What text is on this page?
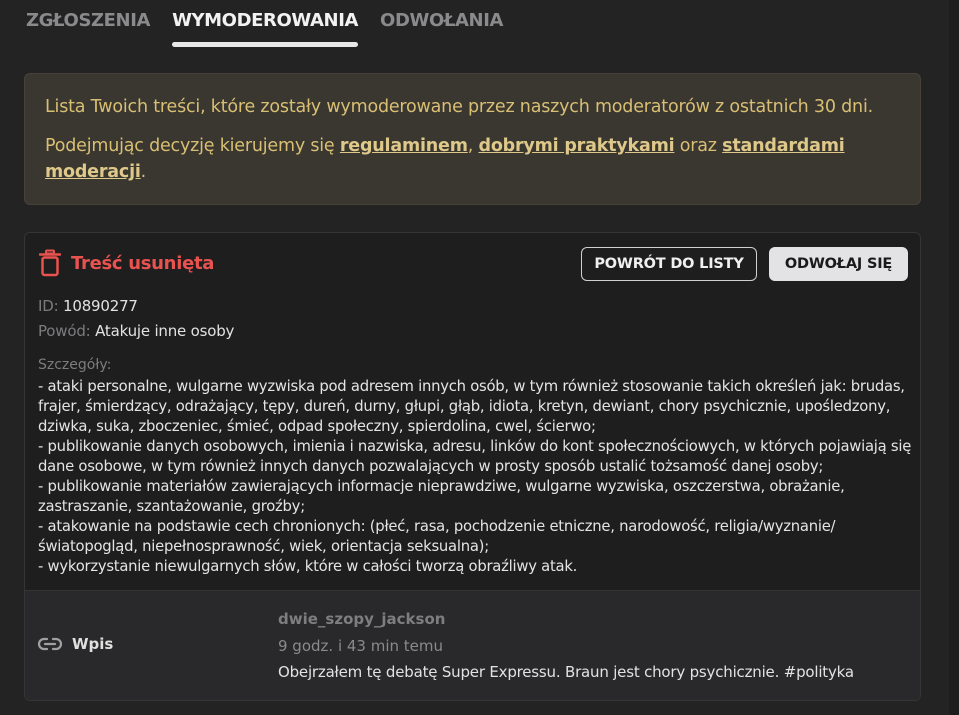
ZGŁOSZENIA WYMODEROWANIA ODWOŁANIA

Lista Twoich treści, które zostały wymoderowane przez naszych moderatorów z ostatnich 30 dni.

Podejmując decyzję kierujemy się regulaminem, dobrymi praktykami oraz standardami moderacji.

Treść usunięta	POWRÓT DO LISTY	ODWOŁAJ SIĘ
ID: 10890277
Powód: Atakuje inne osoby
Szczegóły:
- ataki personalne, wulgarne wyzwiska pod adresem innych osób, w tym również stosowanie takich określeń jak: brudas, frajer, śmierdzący, odrażający, tępy, dureń, durny, głupi, głąb, idiota, kretyn, dewiant, chory psychicznie, upośledzony, dziwka, suka, zboczeniec, śmieć, odpad społeczny, spierdolina, cwel, ścierwo;
- publikowanie danych osobowych, imienia i nazwiska, adresu, linków do kont społecznościowych, w których pojawiają się dane osobowe, w tym również innych danych pozwalających w prosty sposób ustalić tożsamość danej osoby;
- publikowanie materiałów zawierających informacje nieprawdziwe, wulgarne wyzwiska, oszczerstwa, obrażanie, zastraszanie, szantażowanie, groźby;
- atakowanie na podstawie cech chronionych: (płeć, rasa, pochodzenie etniczne, narodowość, religia/wyznanie/światopogląd, niepełnosprawność, wiek, orientacja seksualna);
- wykorzystanie niewulgarnych słów, które w całości tworzą obraźliwy atak.
Wpis
dwie_szopy_jackson
9 godz. i 43 min temu
Obejrzałem tę debatę Super Expressu. Braun jest chory psychicznie. #polityka
